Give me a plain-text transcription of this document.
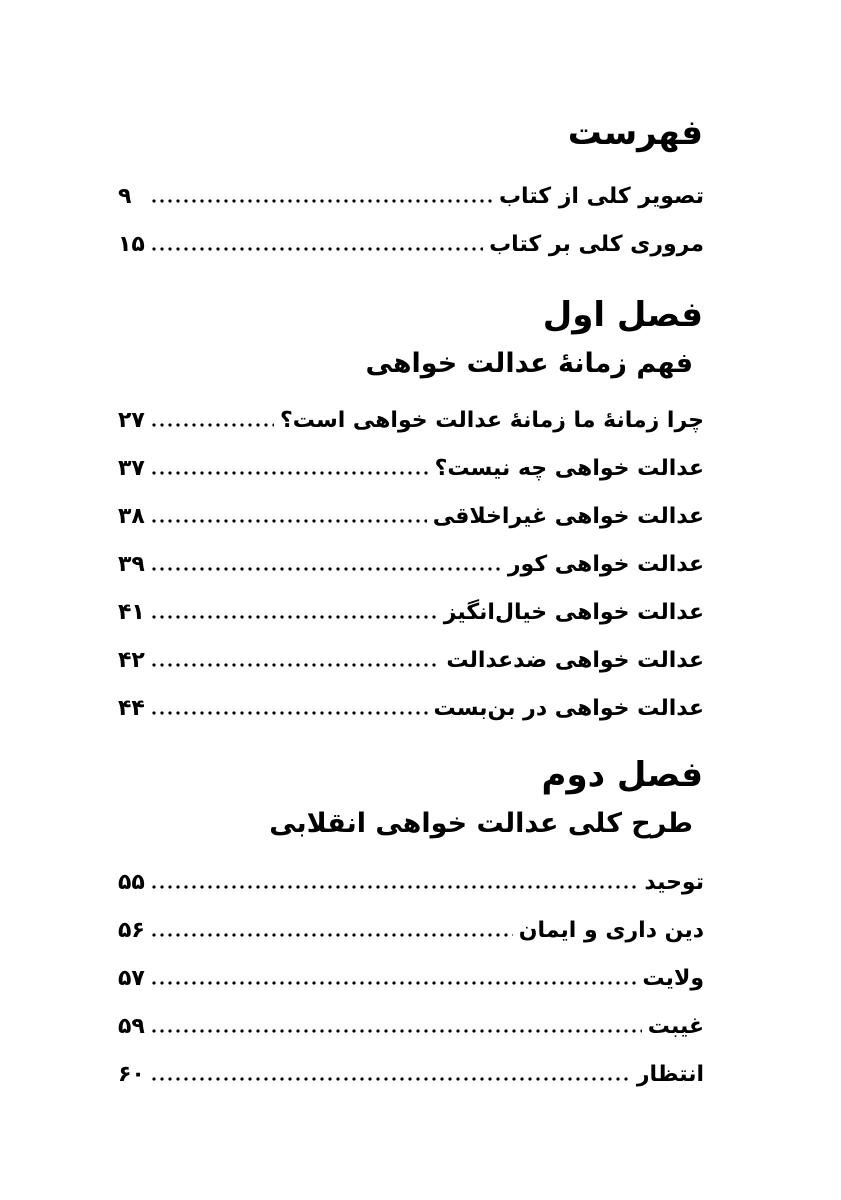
فهرست
تصویر کلی از کتاب
۹
مروری کلی بر کتاب
۱۵
فصل اول
فهم زمانۀ عدالت خواهی
چرا زمانۀ ما زمانۀ عدالت خواهی است؟
۲۷
عدالت خواهی چه نیست؟
۳۷
عدالت خواهی غیراخلاقی
۳۸
عدالت خواهی کور
۳۹
عدالت خواهی خیال‌انگیز
۴۱
عدالت خواهی ضدعدالت
۴۲
عدالت خواهی در بن‌بست
۴۴
فصل دوم
طرح کلی عدالت خواهی انقلابی
توحید
۵۵
دین داری و ایمان
۵۶
ولایت
۵۷
غیبت
۵۹
انتظار
۶۰
